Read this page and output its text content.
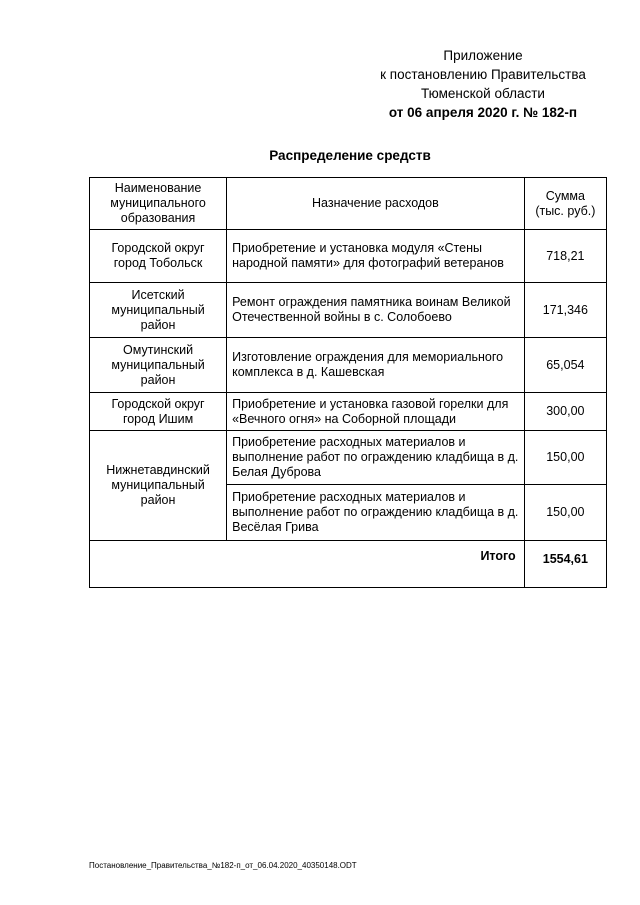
Приложение
к постановлению Правительства
Тюменской области
от 06 апреля 2020 г. № 182-п
Распределение средств
Наименование муниципального образования	Назначение расходов	Сумма (тыс. руб.)
Городской округ город Тобольск	Приобретение и установка модуля «Стены народной памяти» для фотографий ветеранов	718,21
Исетский муниципальный район	Ремонт ограждения памятника воинам Великой Отечественной войны в с. Солобоево	171,346
Омутинский муниципальный район	Изготовление ограждения для мемориального комплекса в д. Кашевская	65,054
Городской округ город Ишим	Приобретение и установка газовой горелки для «Вечного огня» на Соборной площади	300,00
Нижнетавдинский муниципальный район	Приобретение расходных материалов и выполнение работ по ограждению кладбища в д. Белая Дуброва	150,00
	Приобретение расходных материалов и выполнение работ по ограждению кладбища в д. Весёлая Грива	150,00
Итого		1554,61
Постановление_Правительства_№182-п_от_06.04.2020_40350148.ODT
